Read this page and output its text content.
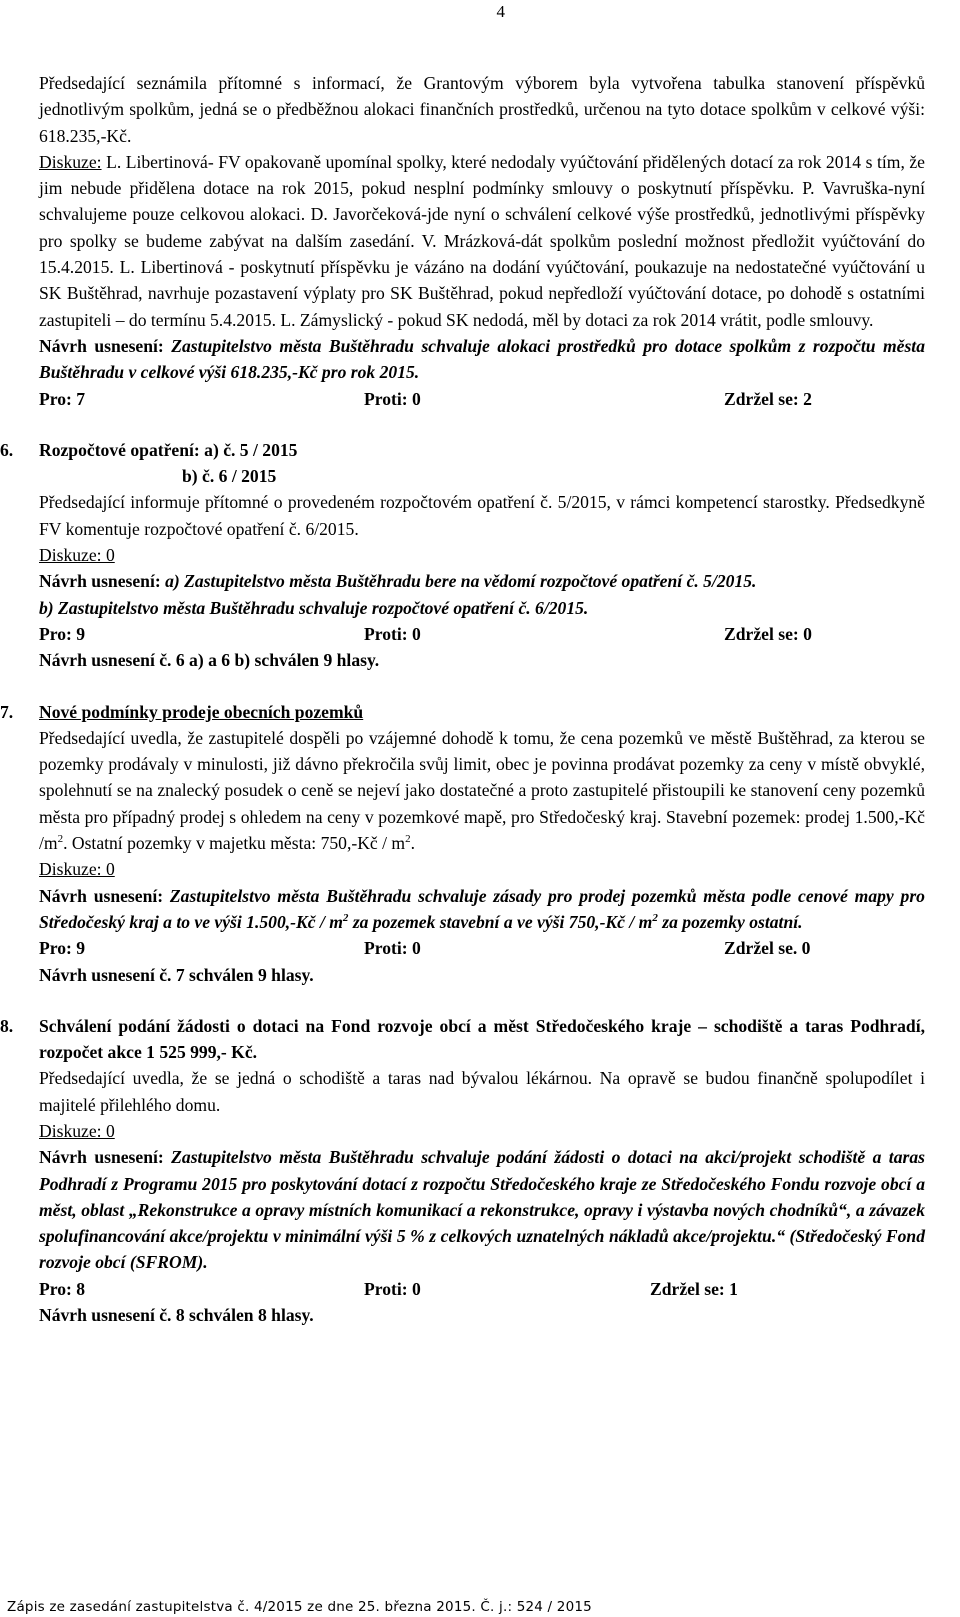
4

Předsedající seznámila přítomné s informací, že Grantovým výborem byla vytvořena tabulka stanovení příspěvků jednotlivým spolkům, jedná se o předběžnou alokaci finančních prostředků, určenou na tyto dotace spolkům v celkové výši: 618.235,-Kč.
Diskuze: L. Libertinová- FV opakovaně upomínal spolky, které nedodaly vyúčtování přidělených dotací za rok 2014 s tím, že jim nebude přidělena dotace na rok 2015, pokud nesplní podmínky smlouvy o poskytnutí příspěvku. P. Vavruška-nyní schvalujeme pouze celkovou alokaci. D. Javorčeková-jde nyní o schválení celkové výše prostředků, jednotlivými příspěvky pro spolky se budeme zabývat na dalším zasedání. V. Mrázková-dát spolkům poslední možnost předložit vyúčtování do 15.4.2015. L. Libertinová - poskytnutí příspěvku je vázáno na dodání vyúčtování, poukazuje na nedostatečné vyúčtování u SK Buštěhrad, navrhuje pozastavení výplaty pro SK Buštěhrad, pokud nepředloží vyúčtování dotace, po dohodě s ostatními zastupiteli – do termínu 5.4.2015. L. Zámyslický - pokud SK nedodá, měl by dotaci za rok 2014 vrátit, podle smlouvy.

Návrh usnesení: Zastupitelstvo města Buštěhradu schvaluje alokaci prostředků pro dotace spolkům z rozpočtu města Buštěhradu v celkové výši 618.235,-Kč pro rok 2015.

Pro: 7	Proti: 0	Zdržel se: 2
6.	Rozpočtové opatření: a) č. 5 / 2015
b) č. 6 / 2015

Předsedající informuje přítomné o provedeném rozpočtovém opatření č. 5/2015, v rámci kompetencí starostky. Předsedkyně FV komentuje rozpočtové opatření č. 6/2015.

Diskuze: 0

Návrh usnesení: a) Zastupitelstvo města Buštěhradu bere na vědomí rozpočtové opatření č. 5/2015.
b) Zastupitelstvo města Buštěhradu schvaluje rozpočtové opatření č. 6/2015.

Pro: 9	Proti: 0	Zdržel se: 0

Návrh usnesení č. 6 a) a 6 b) schválen 9 hlasy.

7.	Nové podmínky prodeje obecních pozemků

Předsedající uvedla, že zastupitelé dospěli po vzájemné dohodě k tomu, že cena pozemků ve městě Buštěhrad, za kterou se pozemky prodávaly v minulosti, již dávno překročila svůj limit, obec je povinna prodávat pozemky za ceny v místě obvyklé, spolehnutí se na znalecký posudek o ceně se nejeví jako dostatečné a proto zastupitelé přistoupili ke stanovení ceny pozemků města pro případný prodej s ohledem na ceny v pozemkové mapě, pro Středočeský kraj. Stavební pozemek: prodej 1.500,-Kč $/m^2$. Ostatní pozemky v majetku města: 750,-Kč / $m^2$.

Diskuze: 0

Návrh usnesení: Zastupitelstvo města Buštěhradu schvaluje zásady pro prodej pozemků města podle cenové mapy pro Středočeský kraj a to ve výši 1.500,-Kč / $m^2$ za pozemek stavební a ve výši 750,-Kč / $m^2$ za pozemky ostatní.

Pro: 9	Proti: 0	Zdržel se. 0

Návrh usnesení č. 7 schválen 9 hlasy.

8.	Schválení podání žádosti o dotaci na Fond rozvoje obcí a měst Středočeského kraje – schodiště a taras Podhradí, rozpočet akce 1 525 999,- Kč.

Předsedající uvedla, že se jedná o schodiště a taras nad bývalou lékárnou. Na opravě se budou finančně spolupodílet i majitelé přilehlého domu.

Diskuze: 0

Návrh usnesení: Zastupitelstvo města Buštěhradu schvaluje podání žádosti o dotaci na akci/projekt schodiště a taras Podhradí z Programu 2015 pro poskytování dotací z rozpočtu Středočeského kraje ze Středočeského Fondu rozvoje obcí a měst, oblast „Rekonstrukce a opravy místních komunikací a rekonstrukce, opravy i výstavba nových chodníků“, a závazek spolufinancování akce/projektu v minimální výši 5 % z celkových uznatelných nákladů akce/projektu.“ (Středočeský Fond rozvoje obcí (SFROM).

Pro: 8	Proti: 0	Zdržel se: 1

Návrh usnesení č. 8 schválen 8 hlasy.

Zápis ze zasedání zastupitelstva č. 4/2015 ze dne 25. března 2015. Č. j.: 524 / 2015
